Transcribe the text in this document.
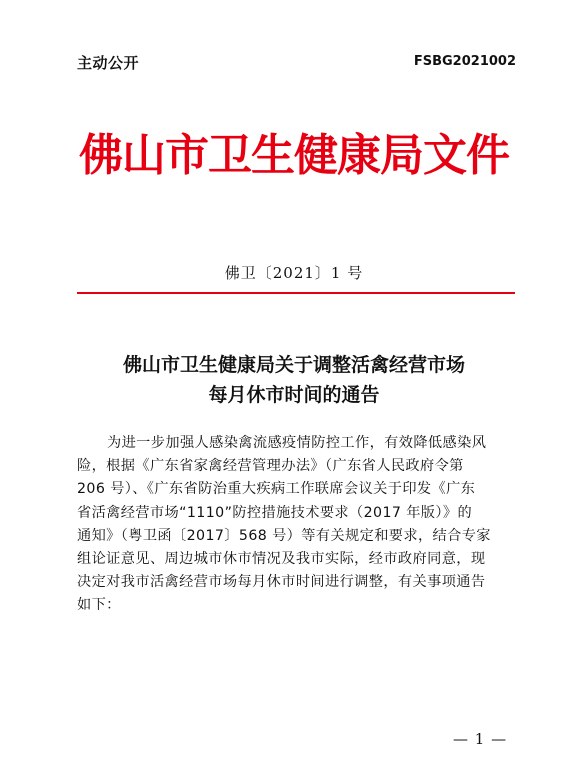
主动公开	FSBG2021002
佛山市卫生健康局文件
佛卫〔2021〕1 号
佛山市卫生健康局关于调整活禽经营市场
每月休市时间的通告
为进一步加强人感染禽流感疫情防控工作，有效降低感染风
险，根据《广东省家禽经营管理办法》（广东省人民政府令第
206 号）、《广东省防治重大疾病工作联席会议关于印发《广东
省活禽经营市场“1110”防控措施技术要求（2017 年版）》的
通知》（粤卫函〔2017〕568 号）等有关规定和要求，结合专家
组论证意见、周边城市休市情况及我市实际，经市政府同意，现
决定对我市活禽经营市场每月休市时间进行调整，有关事项通告
如下：
— 1 —
